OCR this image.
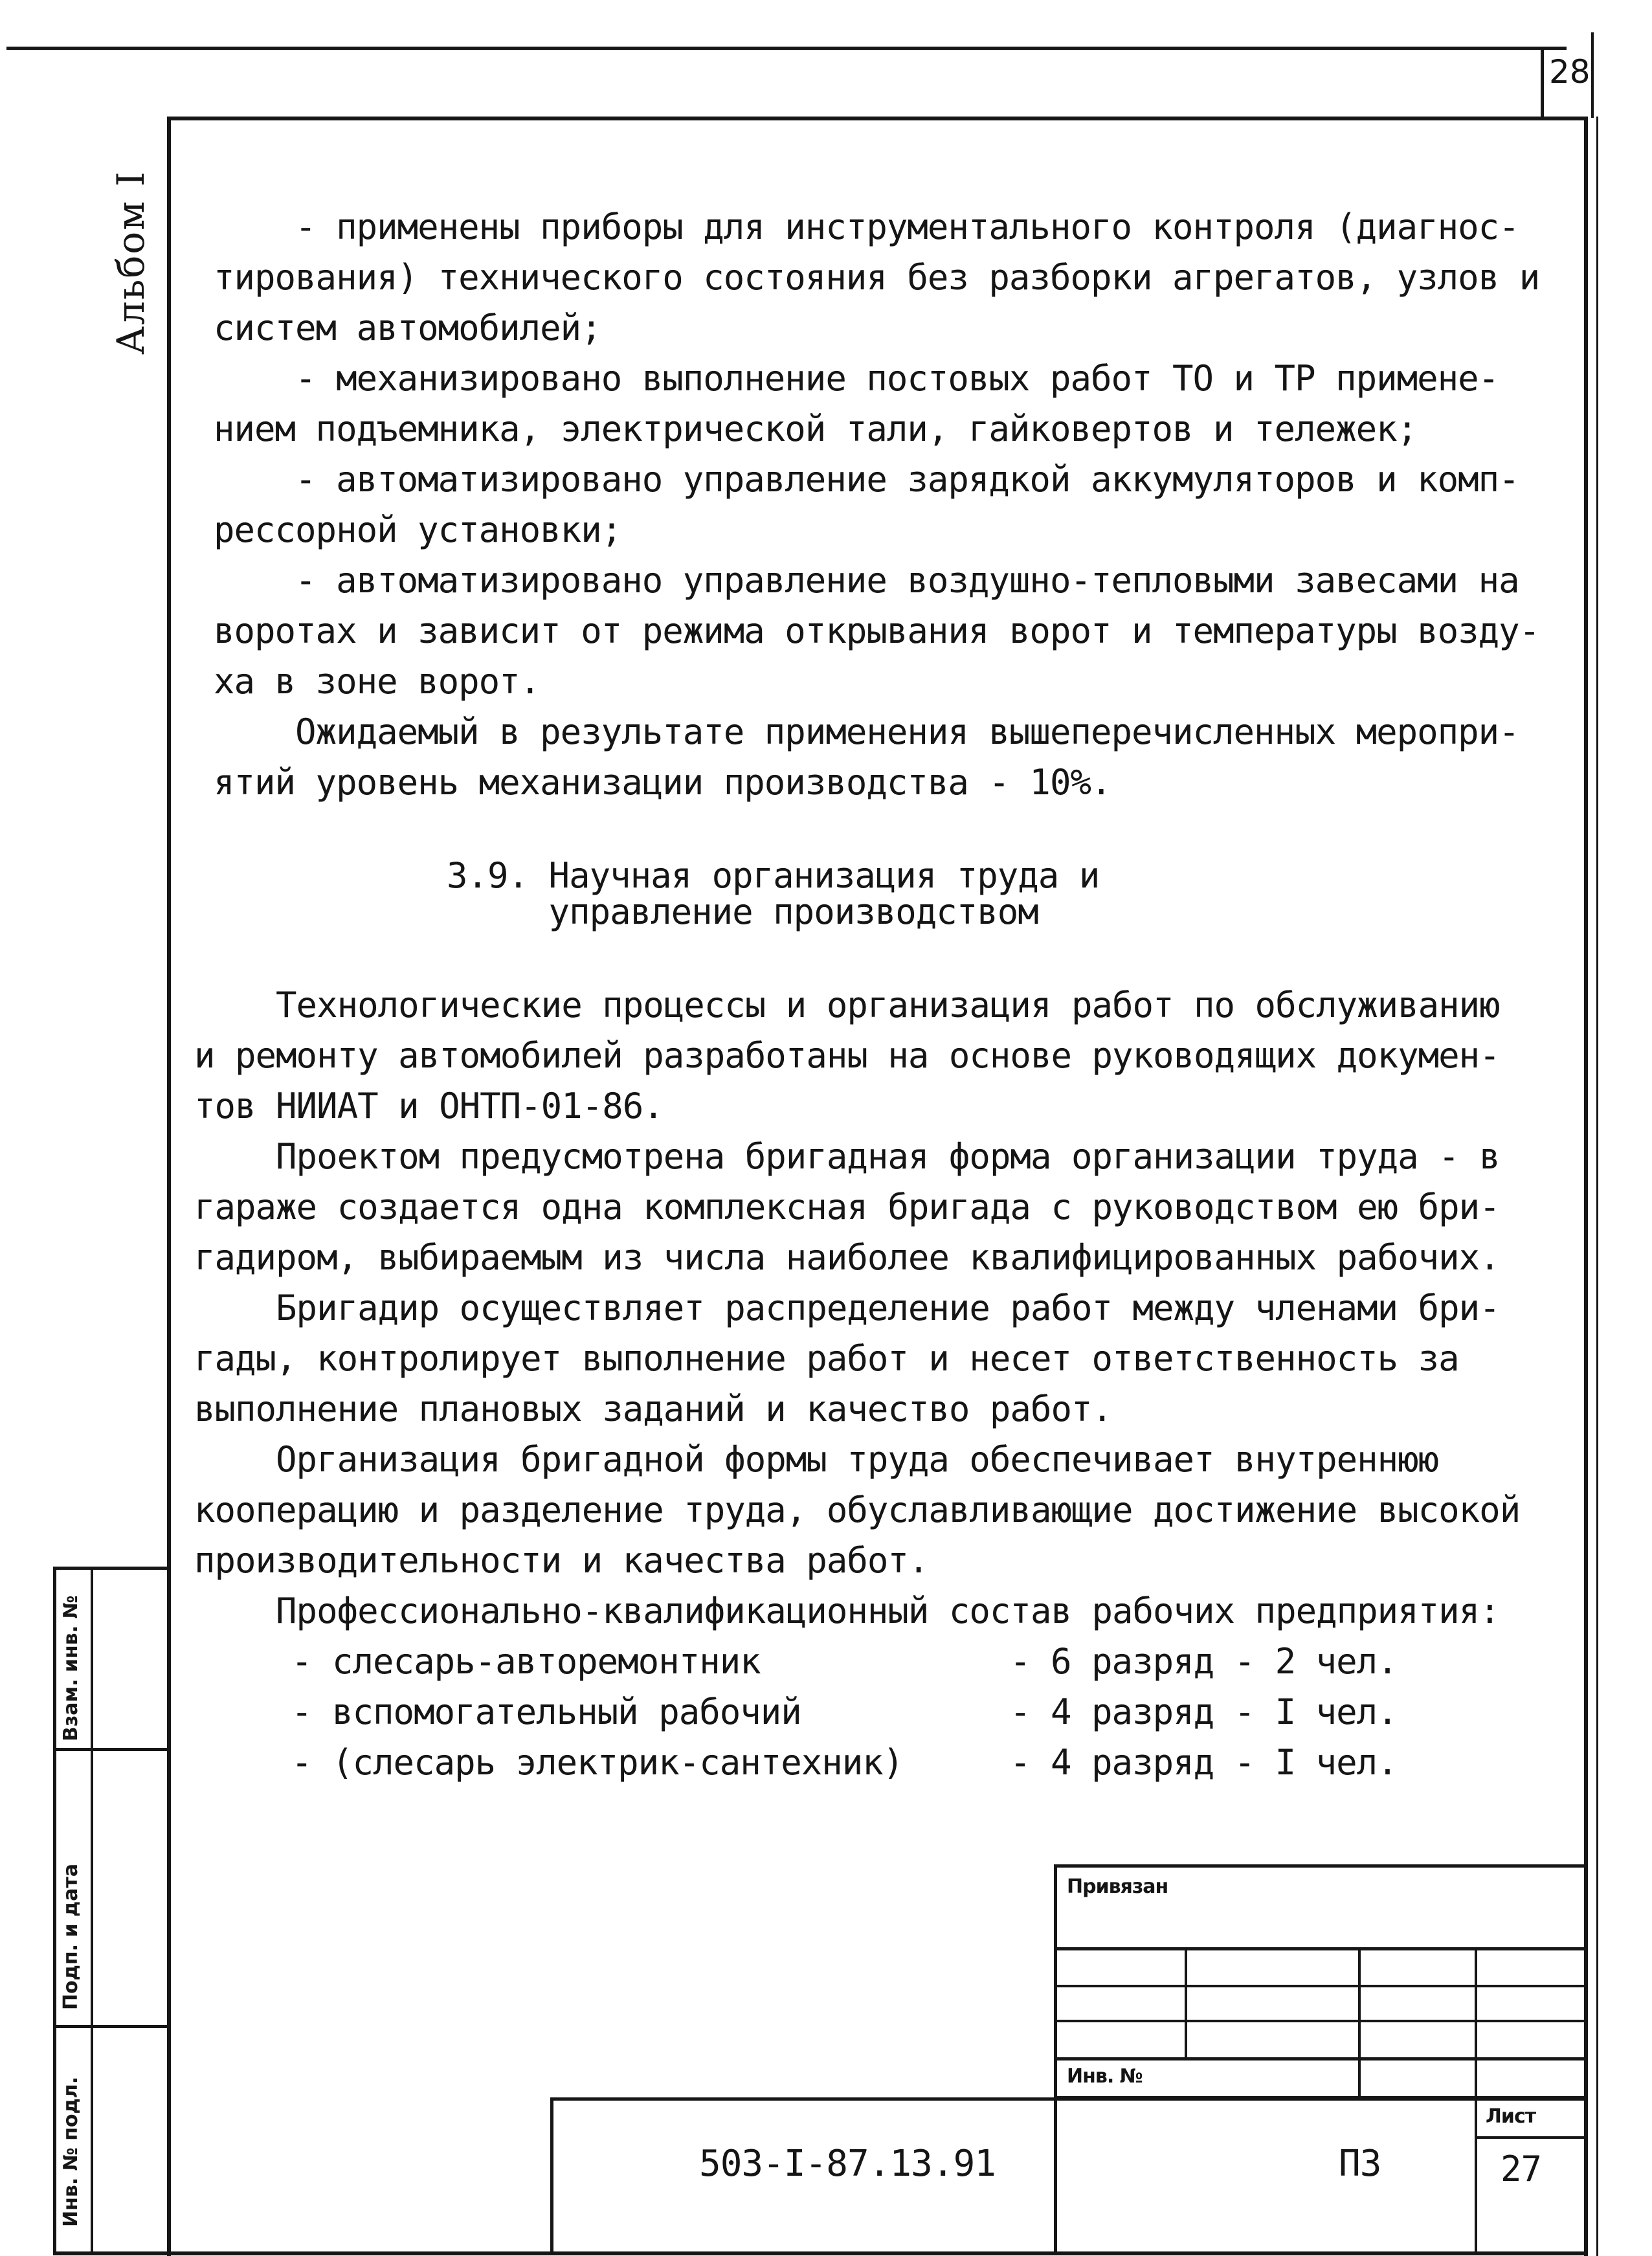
28
Альбом I
Взам. инв. №
Подп. и дата
Инв. № подл.
- применены приборы для инструментального контроля (диагнос-
тирования) технического состояния без разборки агрегатов, узлов и
систем автомобилей;
- механизировано выполнение постовых работ ТО и ТР примене-
нием подъемника, электрической тали, гайковертов и тележек;
- автоматизировано управление зарядкой аккумуляторов и комп-
рессорной установки;
- автоматизировано управление воздушно-тепловыми завесами на
воротах и зависит от режима открывания ворот и температуры возду-
ха в зоне ворот.
Ожидаемый в результате применения вышеперечисленных меропри-
ятий уровень механизации производства - 10%.
3.9. Научная организация труда и
управление производством
Технологические процессы и организация работ по обслуживанию
и ремонту автомобилей разработаны на основе руководящих докумен-
тов НИИАТ и ОНТП-01-86.
Проектом предусмотрена бригадная форма организации труда - в
гараже создается одна комплексная бригада с руководством ею бри-
гадиром, выбираемым из числа наиболее квалифицированных рабочих.
Бригадир осуществляет распределение работ между членами бри-
гады, контролирует выполнение работ и несет ответственность за
выполнение плановых заданий и качество работ.
Организация бригадной формы труда обеспечивает внутреннюю
кооперацию и разделение труда, обуславливающие достижение высокой
производительности и качества работ.
Профессионально-квалификационный состав рабочих предприятия:
- слесарь-авторемонтник	- 6 разряд - 2 чел.
- вспомогательный рабочий	- 4 разряд - I чел.
- (слесарь электрик-сантехник)	- 4 разряд - I чел.
Привязан
Инв. №
503-I-87.13.91	ПЗ
Лист
27
